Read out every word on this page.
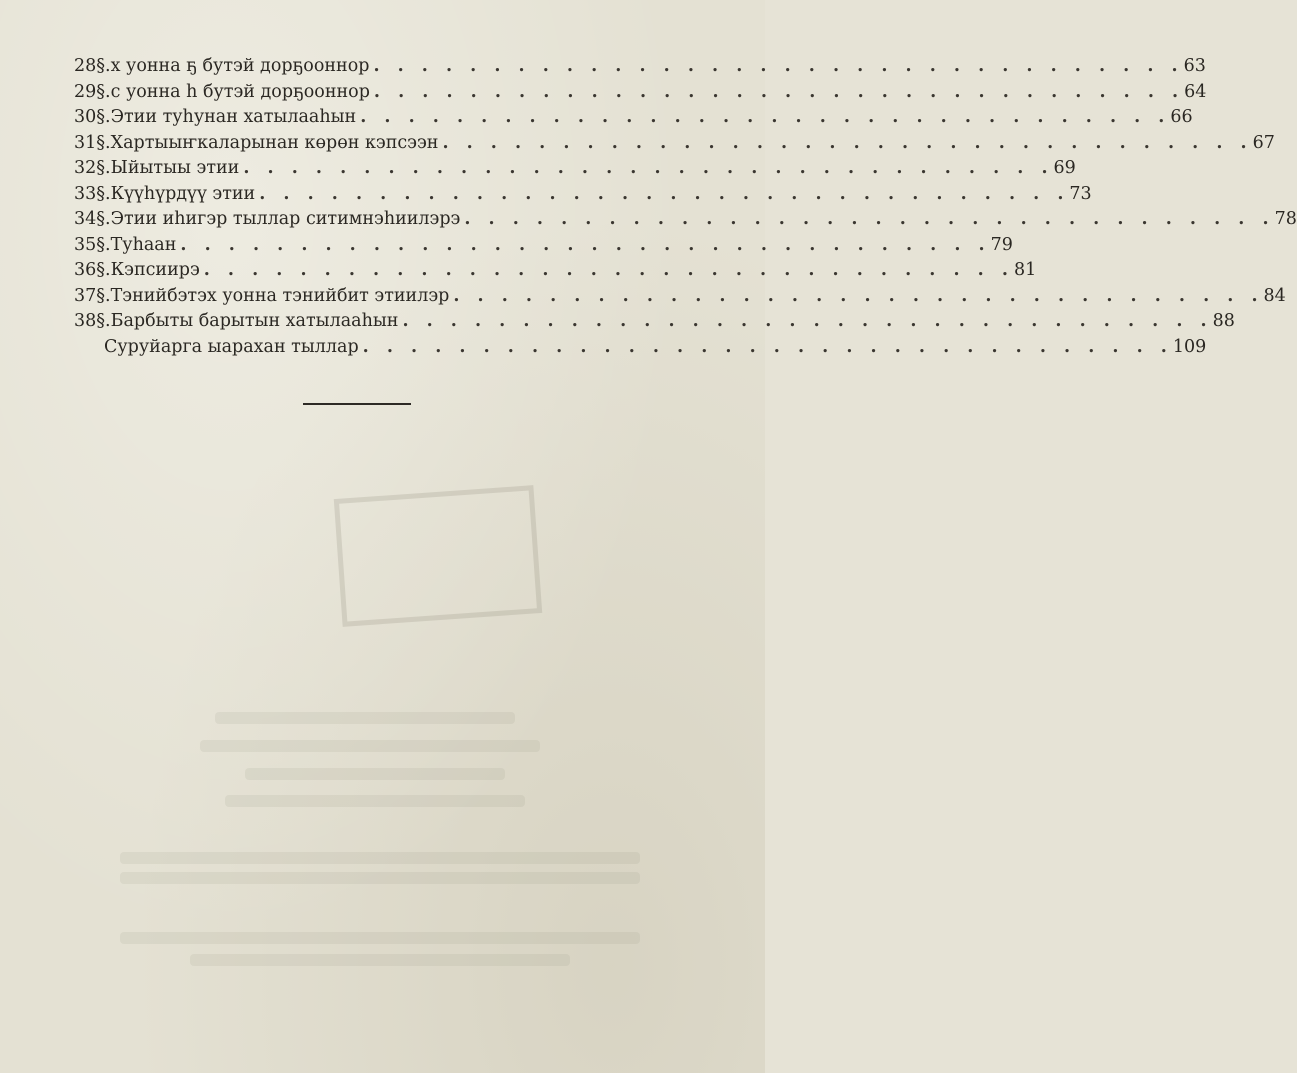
28 §. x уонна ҕ бутэй дорҕооннор . . . . . . . . . . . . . . . . . . . . . . . . . . . . . . . . . . 63
29 §. с уонна h бутэй дорҕооннор . . . . . . . . . . . . . . . . . . . . . . . . . . . . . . . . . . 64
30 §. Этии туhунан хатылааhын . . . . . . . . . . . . . . . . . . . . . . . . . . . . . . . . . . 66
31 §. Хартыыҥкаларынан көрөн кэпсээн . . . . . . . . . . . . . . . . . . . . . . . . . . . . . . . . . . 67
32 §. Ыйытыы этии . . . . . . . . . . . . . . . . . . . . . . . . . . . . . . . . . . 69
33 §. Күүhүрдүү этии . . . . . . . . . . . . . . . . . . . . . . . . . . . . . . . . . . 73
34 §. Этии иhигэр тыллар ситимнэhиилэрэ . . . . . . . . . . . . . . . . . . . . . . . . . . . . . . . . . . 78
35 §. Туhаан . . . . . . . . . . . . . . . . . . . . . . . . . . . . . . . . . . 79
36 §. Кэпсиирэ . . . . . . . . . . . . . . . . . . . . . . . . . . . . . . . . . . 81
37 §. Тэнийбэтэх уонна тэнийбит этиилэр . . . . . . . . . . . . . . . . . . . . . . . . . . . . . . . . . . 84
38 §. Барбыты барытын хатылааhын . . . . . . . . . . . . . . . . . . . . . . . . . . . . . . . . . . 88
Суруйарга ыарахан тыллар . . . . . . . . . . . . . . . . . . . . . . . . . . . . . . . . . . 109
